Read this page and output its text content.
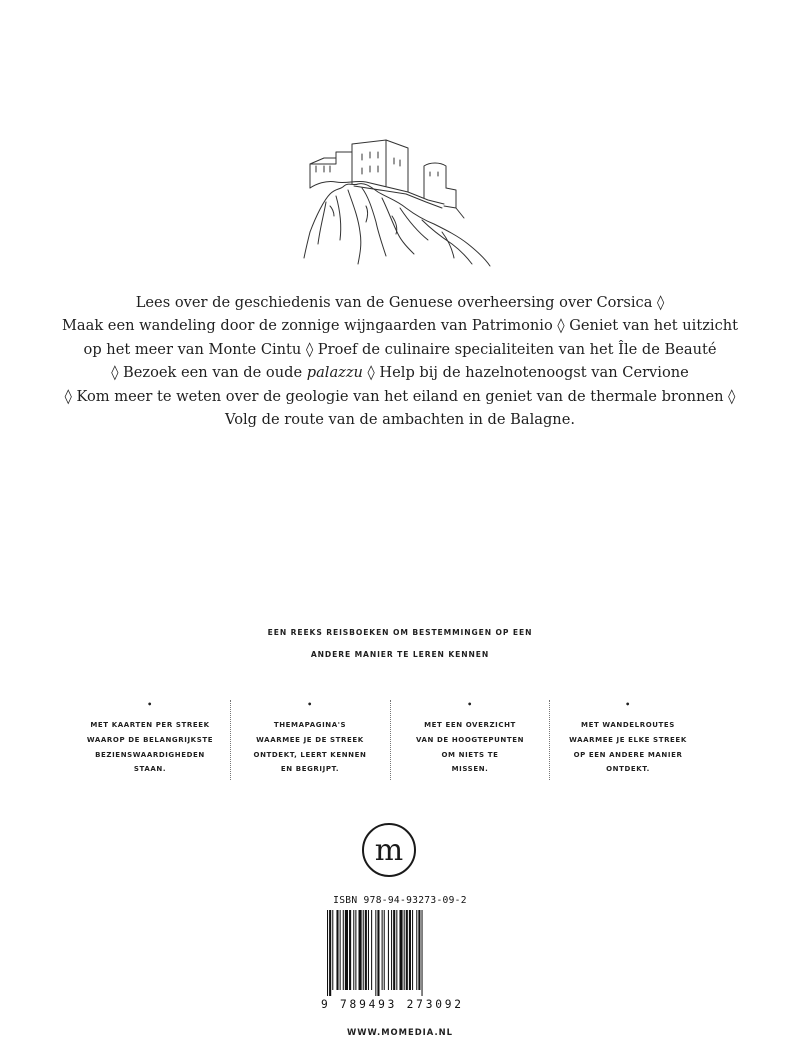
Lees over de geschiedenis van de Genuese overheersing over Corsica ◊
Maak een wandeling door de zonnige wijngaarden van Patrimonio ◊ Geniet van het uitzicht
op het meer van Monte Cintu ◊ Proef de culinaire specialiteiten van het Île de Beauté
◊ Bezoek een van de oude palazzu ◊ Help bij de hazelnotenoogst van Cervione
◊ Kom meer te weten over de geologie van het eiland en geniet van de thermale bronnen ◊
Volg de route van de ambachten in de Balagne.
EEN REEKS REISBOEKEN OM BESTEMMINGEN OP EEN
ANDERE MANIER TE LEREN KENNEN
•
MET KAARTEN PER STREEK
WAAROP DE BELANGRIJKSTE
BEZIENSWAARDIGHEDEN
STAAN.
•
THEMAPAGINA'S
WAARMEE JE DE STREEK
ONTDEKT, LEERT KENNEN
EN BEGRIJPT.
•
MET EEN OVERZICHT
VAN DE HOOGTEPUNTEN
OM NIETS TE
MISSEN.
•
MET WANDELROUTES
WAARMEE JE ELKE STREEK
OP EEN ANDERE MANIER
ONTDEKT.
m
ISBN 978-94-93273-09-2
9 789493 273092
WWW.MOMEDIA.NL
